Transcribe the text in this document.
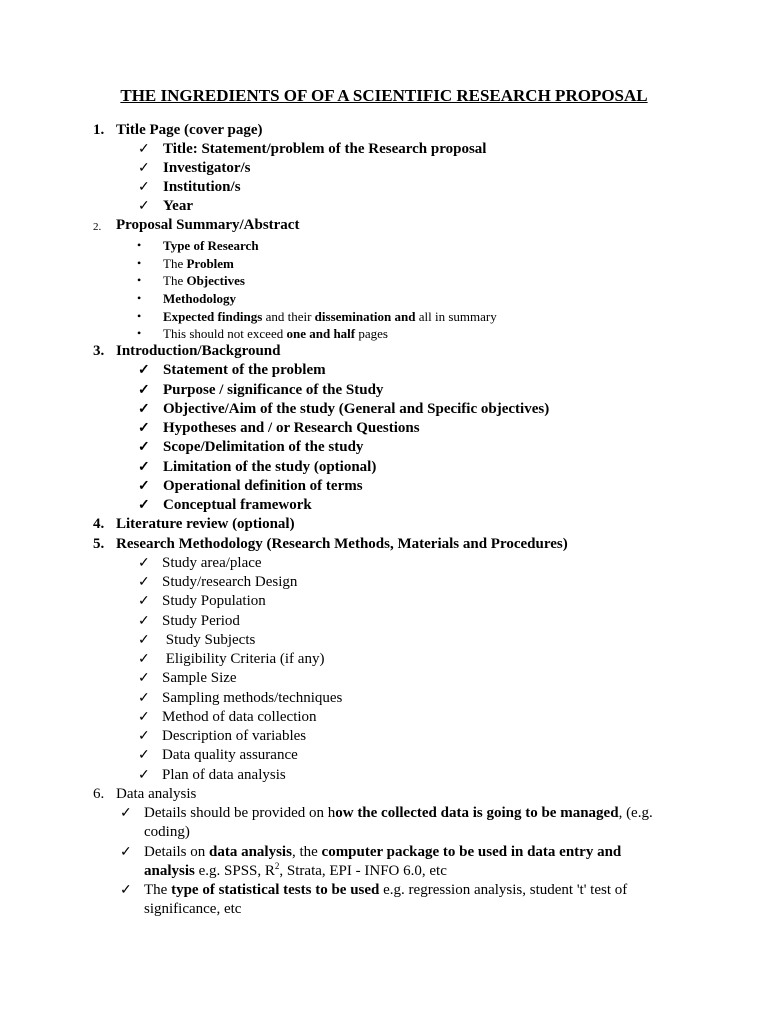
THE INGREDIENTS OF OF A SCIENTIFIC RESEARCH PROPOSAL
1. Title Page (cover page)
✓ Title: Statement/problem of the Research proposal
✓ Investigator/s
✓ Institution/s
✓ Year
2. Proposal Summary/Abstract
• Type of Research
• The Problem
• The Objectives
• Methodology
• Expected findings and their dissemination and all in summary
• This should not exceed one and half pages
3. Introduction/Background
✓ Statement of the problem
✓ Purpose / significance of the Study
✓ Objective/Aim of the study (General and Specific objectives)
✓ Hypotheses and / or Research Questions
✓ Scope/Delimitation of the study
✓ Limitation of the study (optional)
✓ Operational definition of terms
✓ Conceptual framework
4. Literature review (optional)
5. Research Methodology (Research Methods, Materials and Procedures)
✓ Study area/place
✓ Study/research Design
✓ Study Population
✓ Study Period
✓ Study Subjects
✓ Eligibility Criteria (if any)
✓ Sample Size
✓ Sampling methods/techniques
✓ Method of data collection
✓ Description of variables
✓ Data quality assurance
✓ Plan of data analysis
6. Data analysis
✓ Details should be provided on how the collected data is going to be managed, (e.g.
coding)
✓ Details on data analysis, the computer package to be used in data entry and
analysis e.g. SPSS, $R^2$, Strata, EPI - INFO 6.0, etc
✓ The type of statistical tests to be used e.g. regression analysis, student 't' test of
significance, etc
